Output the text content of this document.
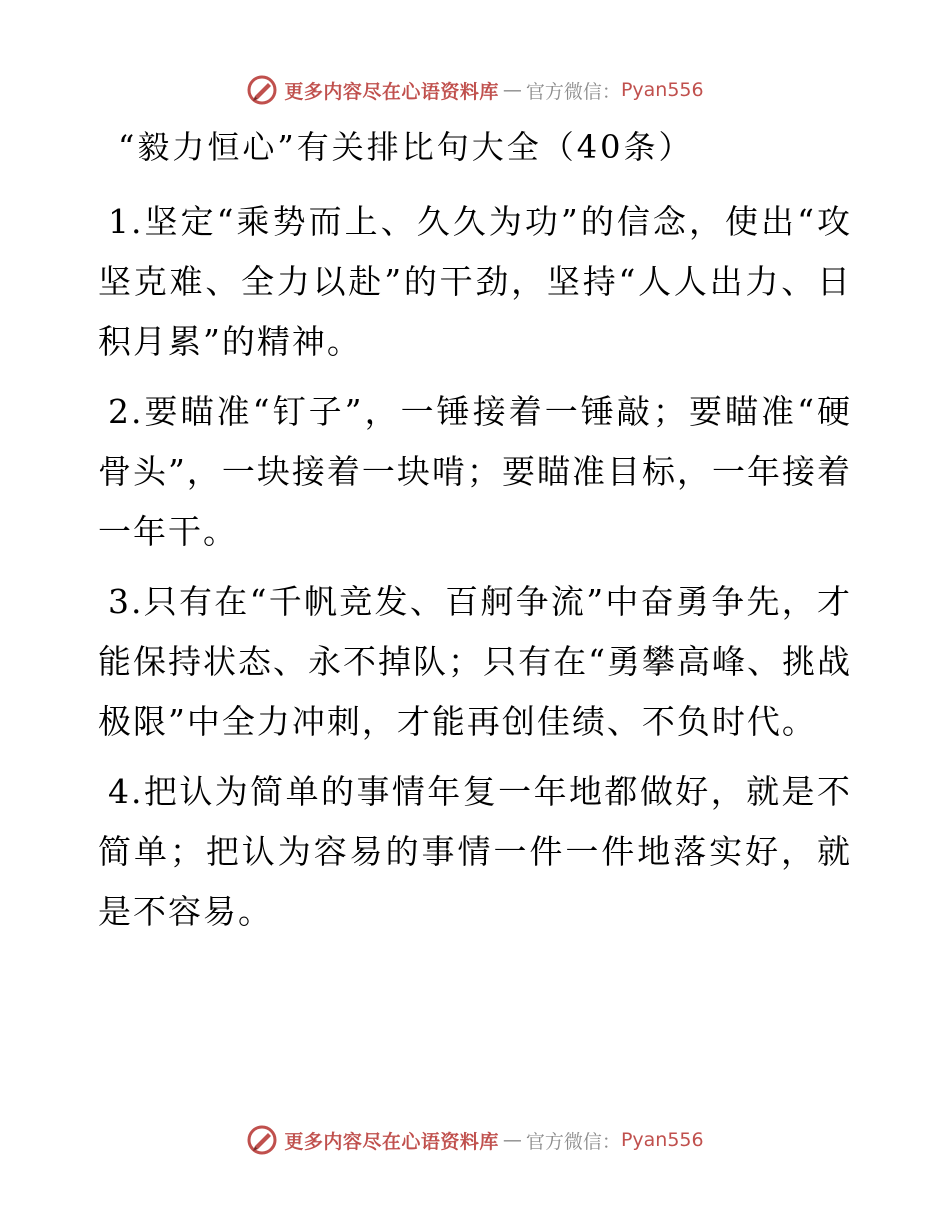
更多内容尽在心语资料库 — 官方微信： Pyan556
“毅力恒心”有关排比句大全（40条）

1.坚定“乘势而上、久久为功”的信念，使出“攻坚克难、全力以赴”的干劲，坚持“人人出力、日积月累”的精神。

2.要瞄准“钉子”，一锤接着一锤敲；要瞄准“硬骨头”，一块接着一块啃；要瞄准目标，一年接着一年干。

3.只有在“千帆竞发、百舸争流”中奋勇争先，才能保持状态、永不掉队；只有在“勇攀高峰、挑战极限”中全力冲刺，才能再创佳绩、不负时代。

4.把认为简单的事情年复一年地都做好，就是不简单；把认为容易的事情一件一件地落实好，就是不容易。

更多内容尽在心语资料库 — 官方微信： Pyan556
